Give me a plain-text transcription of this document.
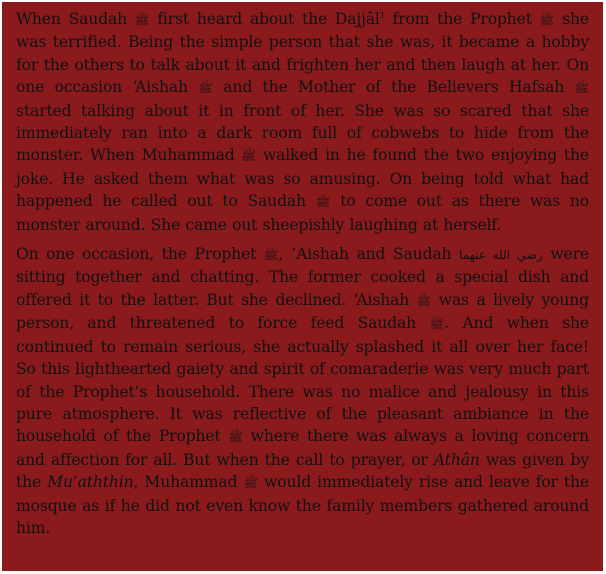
When Saudah ﷺ first heard about the Dajjâl$^1$ from the Prophet ﷺ she was terrified. Being the simple person that she was, it became a hobby for the others to talk about it and frighten her and then laugh at her. On one occasion ‘Aishah ﷺ and the Mother of the Believers Hafsah ﷺ started talking about it in front of her. She was so scared that she immediately ran into a dark room full of cobwebs to hide from the monster. When Muhammad ﷺ walked in he found the two enjoying the joke. He asked them what was so amusing. On being told what had happened he called out to Saudah ﷺ to come out as there was no monster around. She came out sheepishly laughing at herself.

On one occasion, the Prophet ﷺ, ‘Aishah and Saudah رضي الله عنهما were sitting together and chatting. The former cooked a special dish and offered it to the latter. But she declined. ‘Aishah ﷺ was a lively young person, and threatened to force feed Saudah ﷺ. And when she continued to remain serious, she actually splashed it all over her face! So this lighthearted gaiety and spirit of comaraderie was very much part of the Prophet’s household. There was no malice and jealousy in this pure atmosphere. It was reflective of the pleasant ambiance in the household of the Prophet ﷺ where there was always a loving concern and affection for all. But when the call to prayer, or Athân was given by the Mu’aththin, Muhammad ﷺ would immediately rise and leave for the mosque as if he did not even know the family members gathered around him.
